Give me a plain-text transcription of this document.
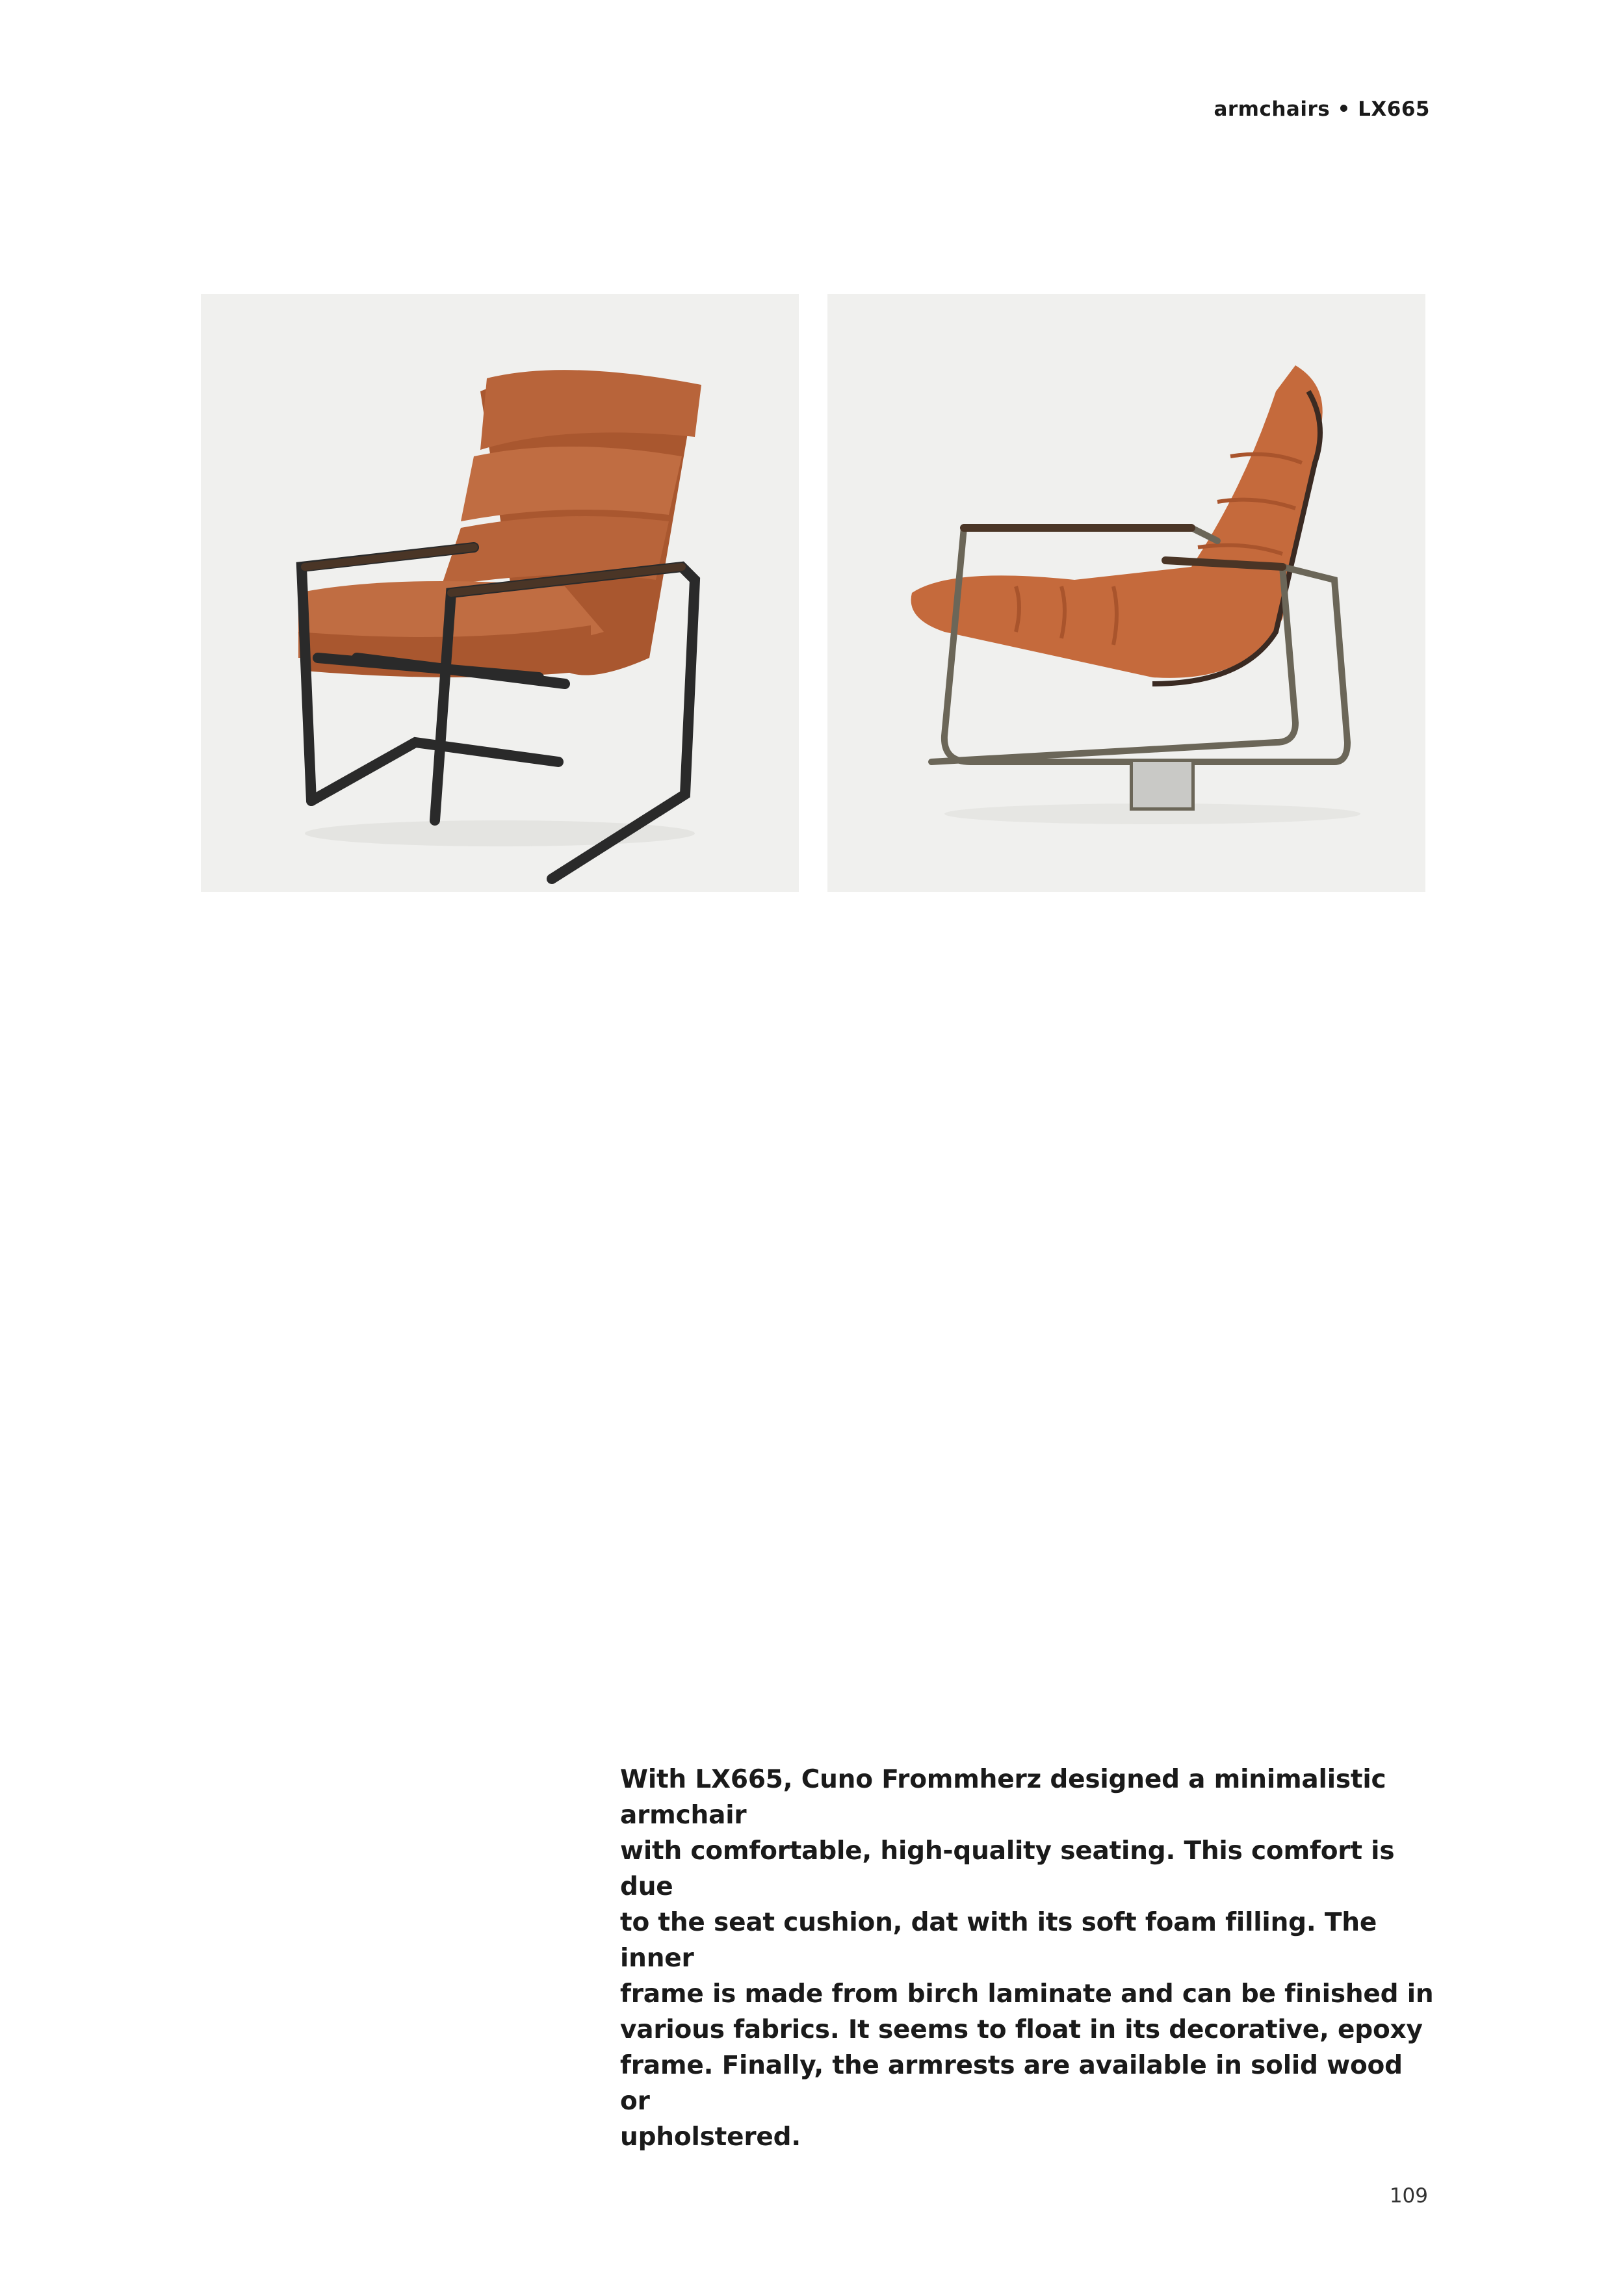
armchairs • LX665
With LX665, Cuno Frommherz designed a minimalistic armchair
with comfortable, high-quality seating. This comfort is due
to the seat cushion, dat with its soft foam filling. The inner
frame is made from birch laminate and can be finished in
various fabrics. It seems to float in its decorative, epoxy
frame. Finally, the armrests are available in solid wood or
upholstered.
109
